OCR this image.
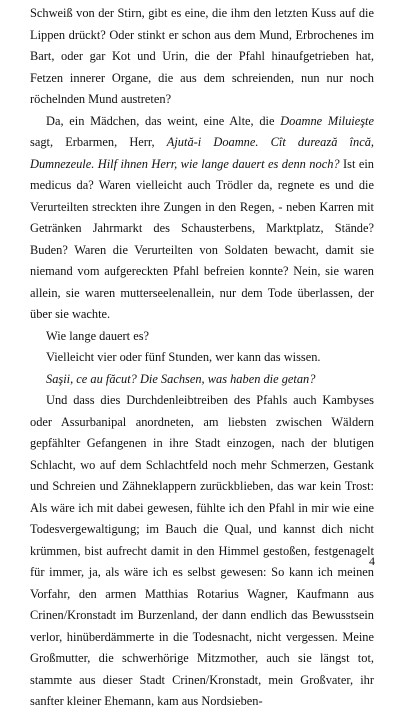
Schweiß von der Stirn, gibt es eine, die ihm den letzten Kuss auf die Lippen drückt? Oder stinkt er schon aus dem Mund, Erbrochenes im Bart, oder gar Kot und Urin, die der Pfahl hinaufgetrieben hat, Fetzen innerer Organe, die aus dem schreienden, nun nur noch röchelnden Mund austreten?

Da, ein Mädchen, das weint, eine Alte, die Doamne Miluieşte sagt, Erbarmen, Herr, Ajută-i Doamne. Cît durează încă, Dumnezeule. Hilf ihnen Herr, wie lange dauert es denn noch? Ist ein medicus da? Waren vielleicht auch Trödler da, regnete es und die Verurteilten streckten ihre Zungen in den Regen, - neben Karren mit Getränken Jahrmarkt des Schausterbens, Marktplatz, Stände? Buden? Waren die Verurteilten von Soldaten bewacht, damit sie niemand vom aufgereckten Pfahl befreien konnte? Nein, sie waren allein, sie waren mutterseelenallein, nur dem Tode überlassen, der über sie wachte.

Wie lange dauert es?

Vielleicht vier oder fünf Stunden, wer kann das wissen.

Saşii, ce au făcut? Die Sachsen, was haben die getan?

Und dass dies Durchdenleibtreiben des Pfahls auch Kambyses oder Assurbanipal anordneten, am liebsten zwischen Wäldern gepfählter Gefangenen in ihre Stadt einzogen, nach der blutigen Schlacht, wo auf dem Schlachtfeld noch mehr Schmerzen, Gestank und Schreien und Zähneklappern zurückblieben, das war kein Trost: Als wäre ich mit dabei gewesen, fühlte ich den Pfahl in mir wie eine Todesvergewaltigung; im Bauch die Qual, und kannst dich nicht krümmen, bist aufrecht damit in den Himmel gestoßen, festgenagelt für immer, ja, als wäre ich es selbst gewesen: So kann ich meinen Vorfahr, den armen Matthias Rotarius Wagner, Kaufmann aus Crinen/Kronstadt im Burzenland, der dann endlich das Bewusstsein verlor, hinüberdämmerte in die Todesnacht, nicht vergessen. Meine Großmutter, die schwerhörige Mitzmother, auch sie längst tot, stammte aus dieser Stadt Crinen/Kronstadt, mein Großvater, ihr sanfter kleiner Ehemann, kam aus Nordsieben-

4
